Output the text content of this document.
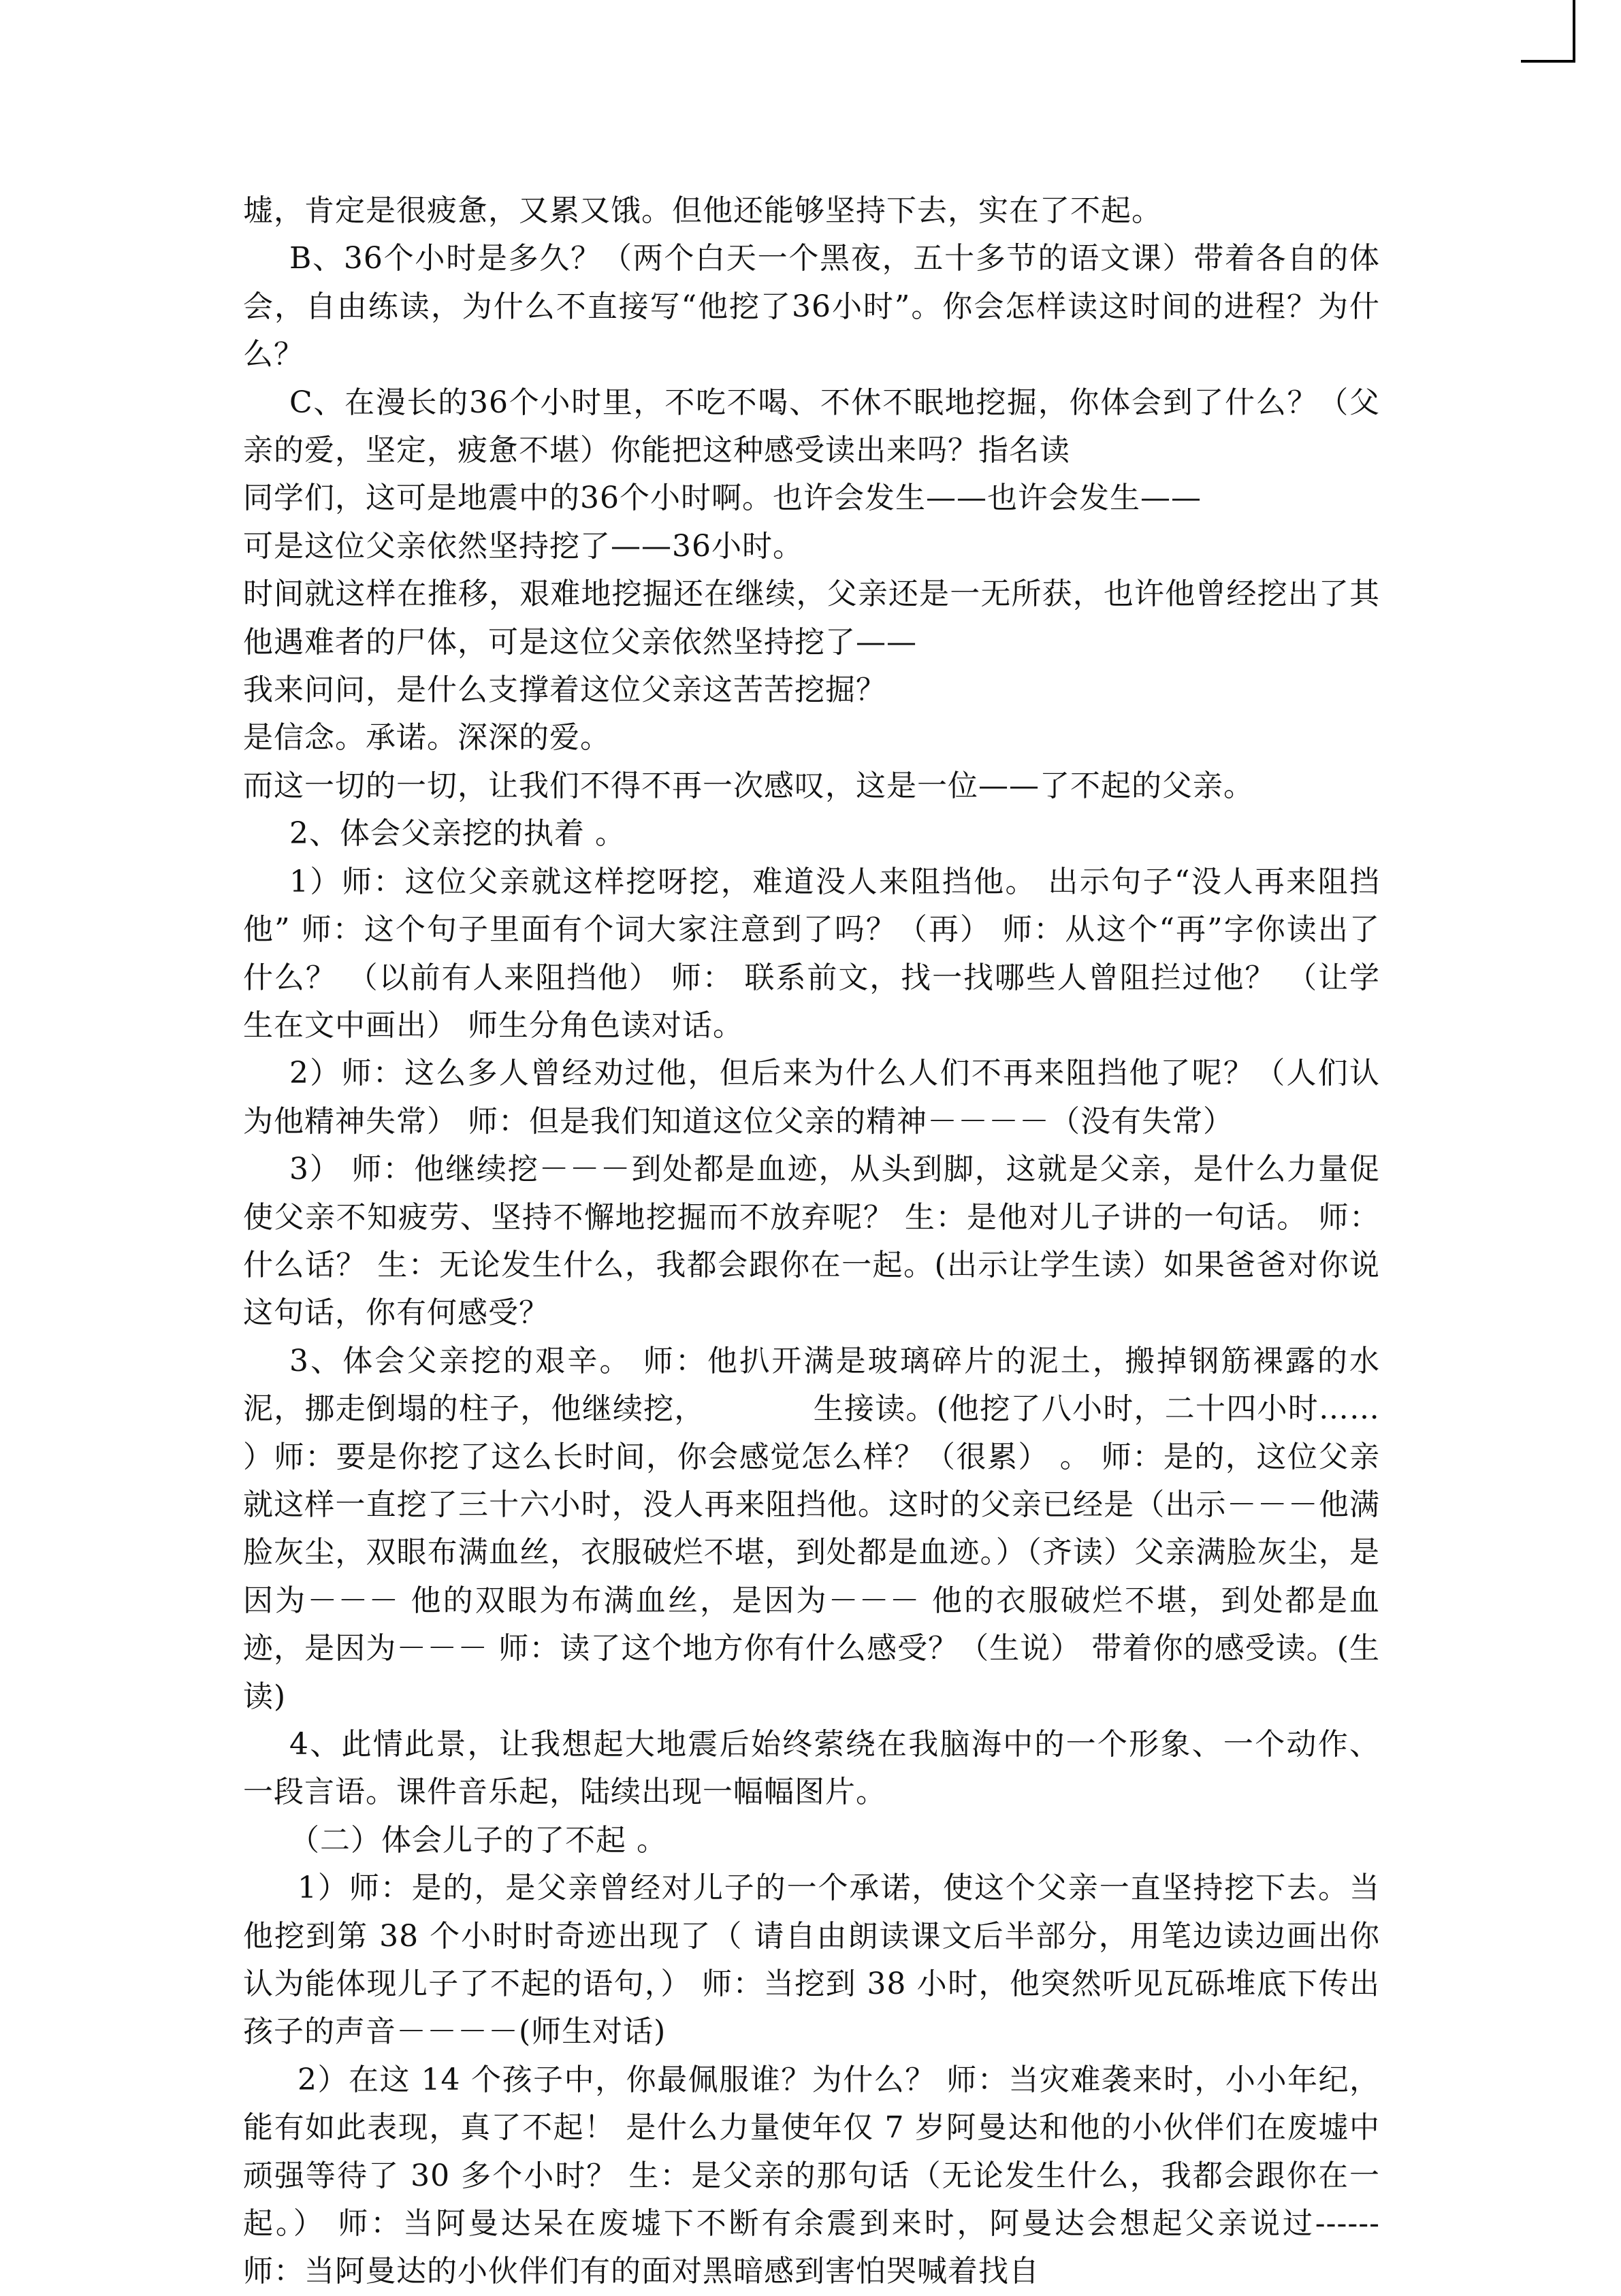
墟，肯定是很疲惫，又累又饿。但他还能够坚持下去，实在了不起。

B、36个小时是多久？（两个白天一个黑夜，五十多节的语文课）带着各自的体会，自由练读，为什么不直接写“他挖了36小时”。你会怎样读这时间的进程？为什么？

C、在漫长的36个小时里，不吃不喝、不休不眠地挖掘，你体会到了什么？（父亲的爱，坚定，疲惫不堪）你能把这种感受读出来吗？指名读

同学们，这可是地震中的36个小时啊。也许会发生——也许会发生——

可是这位父亲依然坚持挖了——36小时。

时间就这样在推移，艰难地挖掘还在继续，父亲还是一无所获，也许他曾经挖出了其他遇难者的尸体，可是这位父亲依然坚持挖了——

我来问问，是什么支撑着这位父亲这苦苦挖掘？

是信念。承诺。深深的爱。

而这一切的一切，让我们不得不再一次感叹，这是一位——了不起的父亲。

2、体会父亲挖的执着 。

1）师：这位父亲就这样挖呀挖，难道没人来阻挡他。 出示句子“没人再来阻挡他” 师：这个句子里面有个词大家注意到了吗？（再） 师：从这个“再”字你读出了什么？ （以前有人来阻挡他） 师： 联系前文，找一找哪些人曾阻拦过他？ （让学生在文中画出） 师生分角色读对话。

2）师：这么多人曾经劝过他，但后来为什么人们不再来阻挡他了呢？（人们认为他精神失常） 师：但是我们知道这位父亲的精神－－－－（没有失常）

3） 师：他继续挖－－－到处都是血迹，从头到脚，这就是父亲，是什么力量促使父亲不知疲劳、坚持不懈地挖掘而不放弃呢？ 生：是他对儿子讲的一句话。 师：什么话？ 生：无论发生什么，我都会跟你在一起。(出示让学生读）如果爸爸对你说这句话，你有何感受？

3、体会父亲挖的艰辛。 师：他扒开满是玻璃碎片的泥土，搬掉钢筋裸露的水泥，挪走倒塌的柱子，他继续挖，　　　　生接读。(他挖了八小时，二十四小时…… ）师：要是你挖了这么长时间，你会感觉怎么样？（很累） 。 师：是的，这位父亲就这样一直挖了三十六小时，没人再来阻挡他。这时的父亲已经是（出示－－－他满脸灰尘，双眼布满血丝，衣服破烂不堪，到处都是血迹。）（齐读）父亲满脸灰尘，是因为－－－ 他的双眼为布满血丝，是因为－－－ 他的衣服破烂不堪，到处都是血迹，是因为－－－ 师：读了这个地方你有什么感受？（生说） 带着你的感受读。(生读)

4、此情此景，让我想起大地震后始终萦绕在我脑海中的一个形象、一个动作、一段言语。课件音乐起，陆续出现一幅幅图片。

（二）体会儿子的了不起 。

1）师：是的，是父亲曾经对儿子的一个承诺，使这个父亲一直坚持挖下去。当他挖到第 38 个小时时奇迹出现了（ 请自由朗读课文后半部分，用笔边读边画出你认为能体现儿子了不起的语句，） 师：当挖到 38 小时，他突然听见瓦砾堆底下传出孩子的声音－－－－(师生对话)

2）在这 14 个孩子中，你最佩服谁？为什么？ 师：当灾难袭来时，小小年纪，能有如此表现，真了不起！ 是什么力量使年仅 7 岁阿曼达和他的小伙伴们在废墟中顽强等待了 30 多个小时？ 生：是父亲的那句话（无论发生什么，我都会跟你在一起。） 师：当阿曼达呆在废墟下不断有余震到来时，阿曼达会想起父亲说过------ 师：当阿曼达的小伙伴们有的面对黑暗感到害怕哭喊着找自
